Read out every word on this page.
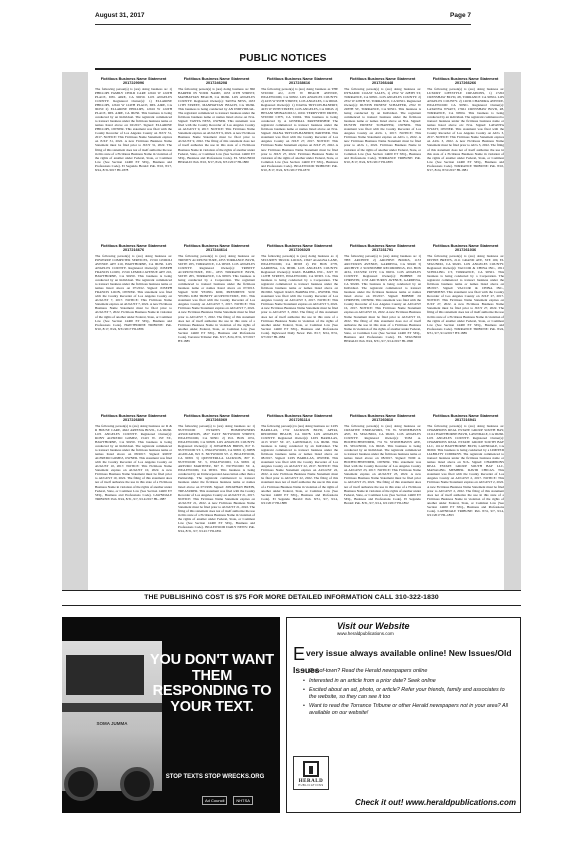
August 31, 2017	Page 7
PUBLIC NOTICES
Fictitious Business Name Statement
2017229096
The following person(s) is (are) doing business as: 1) PHILLIPS FAMILY CHILD CARE 12616 W 124TH PLACE, DEL AIRE, CA 90250. LOS ANGELES COUNTY. Registered Owner(s): 1) ELLARINE PHILLIPS, 12616 W 124TH PLACE, DEL AIRE, CA 90250 2) ELLARINE PHILLIPS, 12616 W 124TH PLACE, DEL AIRE, CA 90250. This business is being conducted by an Individual. The registrant commenced to transact business under the fictitious business name or names listed above on 02/2017. Signed: ELLARINE PHILLIPS, OWNER. This statement was filed with the County Recorder of Los Angeles County on JULY 31, 2017. NOTICE: This Fictitious Name Statement expires on JULY 31, 2022. A new Fictitious Business Name Statement must be filed prior to JULY 31, 2022. The filing of this statement does not of itself authorize the use in this state of a Fictitious Business Name in violation of the rights of another under Federal, State, or Common Law (See Section 14400 ET SEQ., Business and Professions Code). El Segundo Herald: Pub. 8/10, 8/17, 8/24, 8/31/2017 HI-1878
Fictitious Business Name Statement
2017246208
The following person(s) is (are) doing business as: 860 HARPER IN YOUR NAME, 1633 11TH STREET, MANHATTAN BEACH, CA 90266. LOS ANGELES COUNTY. Registered Owner(s): TANYA NESS, 1633 11TH STREET, MANHATTAN BEACH, CA 90266. This business is being conducted by AN INDIVIDUAL. The registrant commenced to transact business under the fictitious business name or names listed above on N/A. Signed: TANYA NESS, OWNER. This statement was filed with the County Recorder of Los Angeles County on AUGUST 9, 2017. NOTICE: This Fictitious Name Statement expires on AUGUST 9, 2022. A new Fictitious Business Name Statement must be filed prior to AUGUST 9, 2022. The filing of this statement does not of itself authorize the use in this state of a Fictitious Business Name in violation of the rights of another under Federal, State, or Common Law (See Section 14400 ET SEQ., Business and Professions Code). EL SEGUNDO HERALD: Pub. 8/10, 8/17, 8/24, 8/31/2017 HI-1880
Fictitious Business Name Statement
2017238616
The following person(s) is (are) doing business as THE STUDIO AU, 2170 W BEACH AVENUE, INGLEWOOD, CA 90302. LOS ANGELES COUNTY. 2) 4233 W 95TH STREET, LOS ANGELES, CA 90043. Registered Owner(s): 1) JOANA TRYCON-BANERIT, 4233 W 95TH STREET, LOS ANGELES, CA 90043. 2) HESANI SHINAZOULU, 16911 TERRYVIEW DRIVE, STUDIO CITY, CA 91604. This business is being conducted by A GENERAL PARTNERSHIP. The registrant commenced to transact business under the fictitious business name or names listed above on N/A. Signed: JOANA TRYCON-BANERIT, PARTNER. This statement was filed with the County Recorder of Los Angeles County on JULY 27, 2017. NOTICE: This Fictitious Name Statement expires on JULY 27, 2022. A new Fictitious Business Name Statement must be filed prior to JULY 27, 2022. Fictitious Business Name in violation of the rights of another under Federal, State, or Common Law (See Section 14400 ET SEQ., Business and Professions Code). INGLEWOOD TRIBUNE: Pub. 8/10, 8/17, 8/24, 8/31/2017 HI-1879
Fictitious Business Name Statement
2017266448
The following person(s) is (are) doing business as: DYNAMIC COAST SALES, 1) 2352 W 228TH ST, TORRANCE, CA 90501. LOS ANGELES COUNTY. 2) 2352 W 228TH ST, TORRANCE, CA 90501. Registered Owner(s): DUSTIN ERNEST SCHAEFER, 2352 W 228TH ST, TORRANCE, CA 90501. This business is being conducted by an Individual. The registrant commenced to transact business under the fictitious business name or names listed above on N/A. Signed: DUSTIN ERNEST SCHAEFER, OWNER. This statement was filed with the County Recorder of Los Angeles County on AUG 1, 2017. NOTICE: This Fictitious Name Statement expires on AUG 1, 2022. A new Fictitious Business Name Statement must be filed prior to AUG 1, 2022. Fictitious Business Name in violation of the rights of another under Federal, State, or Common Law (See Section 14400 ET SEQ., Business and Professions Code). TORRANCE TRIBUNE: Pub. 8/10, 8/17, 8/24, 8/31/2017 HI-1883
Fictitious Business Name Statement
2017266266
The following person(s) is (are) doing business as: LUXURY LIFESTYLE CREATIONS, 1) 17202 CRENSHAW BLVD, #8, TORRANCE CA 90504. LOS ANGELES COUNTY. 2) 12636 CHANDRA AVENUE, INGLEWOOD CA 90301. Registered Owner(s): LATANYA WYATT, 17661 CRENSHAW BLVD, #8, TORRANCE, CA 90504. This business is being conducted by an individual. The registrant commenced to transact business under the fictitious business name or names listed above on: N/A. Signed: LATANYA WYATT, OWNER. This statement was filed with the County Recorder of Los Angeles County on AUG 3, 2017. NOTICE: This Fictitious Name Statement expires on AUG 3, 2022. A new Fictitious Business Name Statement must be filed prior to AUG 3, 2022. The filing of this statement does not of itself authorize the use in this state of a Fictitious Business Name in violation of the rights of another under Federal, State, or Common Law (See Section 14400 ET SEQ., Business and Professions Code). TORRANCE TRIBUNE: Pub. 8/10, 8/17, 8/24, 8/31/2017 HI-1881
Fictitious Business Name Statement
2017216676
The following person(s) is (are) doing business as: POWERUP COMPUTER SERVICES, 15316 LEMOLI AVENUE APT 210, HAWTHORNE, CA 90250. LOS ANGELES COUNTY. Registered Owner(s): JOSEPH FRANCIS LOON, 15316 LEMOLI AVENUE APT 210, HAWTHORNE, CA 90250. This business is being conducted by an Individual. The registrant commenced to transact business under the fictitious business name or names listed above on 07/2012. Signed: JOSEPH FRANCIS LOON, OWNER. This statement was filed with the County Recorder of Los Angeles County on AUGUST 7, 2017. NOTICE: This Fictitious Name Statement expires on AUGUST 7, 2022. A new Fictitious Business Name Statement must be filed prior to AUGUST 7, 2022. Fictitious Business Name in violation of the rights of another under Federal, State, or Common Law (See Section 14400 ET SEQ., Business and Professions Code). HAWTHORNE TRIBUNE: Pub. 8/10, 8/17, 8/24, 8/31/2017 HI-1886
Fictitious Business Name Statement
2017244614
The following person(s) is (are) doing business as: TRINITY ACUPUNCTURE, 4355 TORRANCE BLVD, SUITE 205, TORRANCE, CA 90503. LOS ANGELES COUNTY. Registered Owner(s): TRINITY ACUPUNCTURE, INC., 4355 TORRANCE BLVD, SUITE 205, TORRANCE, CA 90503. This business is being conducted by a Corporation. The registrant commenced to transact business under the fictitious business name or names listed above on 07/2013. Signed: SOU YEONG KIM, PRESIDENT. SOU YEONG KIM TRINITY ACUPUNCTURE, INC. This statement was filed with the County Recorder of Los Angeles County on AUGUST 7, 2017. NOTICE: This Fictitious Name Statement expires on AUGUST 7, 2022. A new Fictitious Business Name Statement must be filed prior to AUGUST 7, 2022. The filing of this statement does not of itself authorize the use in this state of a Fictitious Business Name in violation of the rights of another under Federal, State, or Common Law (See Section 14400 ET SEQ., Business and Professions Code). Torrance Tribune: Pub. 8/17, 8/24, 8/31, 9/7/2017 HT-1885
Fictitious Business Name Statement
2017206025
The following person(s) is (are) doing business as 1) SECURITY TRUCK LOCKS, 13627 AGAGNA LANE, INGLEWOOD, CA 90303 2) PO BOX 2770, GARDENA, CA 90306. LOS ANGELES COUNTY. Registered Owner(s): RAUL BARBIA INC., 3227 W 112TH STREET, INGLEWOOD, CA 90303. CA. This business is being conducted by a Corporation. The registrant commenced to transact business under the fictitious business name or names listed above on 09/2002. Signed: RAUL BARBIA INC., OWNER. This statement was filed with the County Recorder of Los Angeles County on AUGUST 3, 2017. NOTICE: This Fictitious Name Statement expires on AUGUST 3, 2022. A new Fictitious Business Name Statement must be filed prior to AUGUST 3, 2022. The filing of this statement does not of itself authorize the use in this state of a Fictitious Business Name in violation of the rights of another under Federal, State, or Common Law (See Section 14400 ET SEQ., Business and Professions Code). Inglewood Daily News: Pub. 8/17, 8/24, 8/31, 9/7/2017 HI-1884
Fictitious Business Name Statement
2017231791
The following person(s) is (are) doing business as: 1) THE ARCHIVE 2) ARCHIVE BOOKS, 1133 ARCTURUS AVENUE, GARDENA, CA 90249 3) ARCHIVE 2 SOUNDSHIP RECORDINGS, P.O. BOX 4234, CULVER CITY, CA 90231. LOS ANGELES COUNTY. Registered Owner(s): BOBBIE JO CHRISTIN, 1133 ARCTURUS AVENUE, GARDENA, CA 90249. This business is being conducted by an Individual. The registrant commenced to transact business under the fictitious business name or names listed above on 05/2017. Signed: BOBBIE JO CHRISTIN, OWNER. This statement was filed with the County Recorder of Los Angeles County on AUGUST 16, 2017. NOTICE: This Fictitious Name Statement expires on AUGUST 16, 2022. A new Fictitious Business Name Statement must be filed prior to AUGUST 16, 2022. The filing of this statement does not of itself authorize the use in this state of a Fictitious Business Name in violation of the rights of another under Federal, State, or Common Law (See Section 14400 ET SEQ., Business and Professions Code). EL SEGUNDO HERALD: Pub. 8/24, 8/31, 9/7, 9/14/2017 HI-1890
Fictitious Business Name Statement
2017261036
The following person(s) is (are) doing business as: DIVINE BREWS, 2111 GRAND AVE, STE 100, EL SEGUNDO, CA 90245. LOS ANGELES COUNTY. Registered Owner(s): VACCOR & CHINA INC., 1811 SCHILLING CT, TORRANCE, CA 90501. This business is being conducted by a Corporation. The registrant commenced to transact business under the fictitious business name or names listed above on 08/2017. Signed: VACCOR & CHINA INC., PRESIDENT. This statement was filed with the County Recorder of Los Angeles County on JULY 27, 2017. NOTICE: This Fictitious Name Statement expires on JULY 27, 2022. A new Fictitious Business Name Statement must be filed prior to JULY 27, 2022. The filing of this statement does not of itself authorize the use in this state of a Fictitious Business Name in violation of the rights of another under Federal, State, or Common Law (See Section 14400 ET SEQ., Business and Professions Code). TORRANCE TRIBUNE: Pub. 8/24, 8/31, 9/7, 9/14/2017 HT-1889
Fictitious Business Name Statement
2017226805
The following person(s) is (are) doing business as: R & R HOUSE CARE, 4622 ARTESIA BLVD., CA 90260. LOS ANGELES COUNTY. Registered Owner(s): RONY ALFREDO GOMEZ, 15415 W. 1ST ST., HAWTHORNE, CA 90250. This business is being conducted by an Individual. The registrant commenced to transact business under the fictitious business name or names listed above on 08/2017. Signed: RONY ALFREDO GOMEZ, OWNER. This statement was filed with the County Recorder of Los Angeles County on AUGUST 10, 2017. NOTICE: This Fictitious Name Statement expires on AUGUST 10, 2022. A new Fictitious Business Name Statement must be filed prior to AUGUST 10, 2022. The filing of this statement does not of itself authorize the use in this state of a Fictitious Business Name in violation of the rights of another under Federal, State, or Common Law (See Section 14400 ET SEQ., Business and Professions Code). LAWNDALE TRIBUNE: Pub. 8/24, 8/31, 9/7, 9/14/2017 HL-1887
Fictitious Business Name Statement
2017266069
The following person(s) is (are) doing business as: 1) NUTWOOD ESTATES HOMEOWNERS ASSOCIATION, 4817 EAST NUTWOOD STREET, INGLEWOOD, CA 90301 2) P.O. BOX 1031, INGLEWOOD, CA 90308. LOS ANGELES COUNTY. Registered Owner(s): 1) JONATHAN BREIN, 817 E. NUTWOOD ST. 1, INGLEWOOD, CA 90301 2) JOHN AGUILAR, 821 E. NUTWOOD ST. 2, INGLEWOOD, CA 90301 3) QUENTERLLA JACKSON, 807 E. NUTWOOD ST. 3, INGLEWOOD, CA 90301 4) ARTURO MARTINEZ, 827 E. NUTWOOD ST. 4, INGLEWOOD, CA 90301. This business is being conducted by an Unincorporated Association other than a Partnership. The registrant commenced to transact business under the fictitious business name or names listed above on 07/1998. Signed: JONATHAN BREIN, TREASURER. This statement was filed with the County Recorder of Los Angeles County on AUGUST 21, 2017. NOTICE: This Fictitious Name Statement expires on AUGUST 21, 2022. A new Fictitious Business Name Statement must be filed prior to AUGUST 21, 2022. The filing of this statement does not of itself authorize the use in this state of a Fictitious Business Name in violation of the rights of another under Federal, State, or Common Law (See Section 14400 ET SEQ., Business and Professions Code). INGLEWOOD DAILY NEWS: Pub. 8/24, 8/31, 9/7, 9/14/17 HI-1891
Fictitious Business Name Statement
2017251114
The following person(s) is (are) doing business as: LUIS BARILLAS, 1732 JACKSON BLVD, APT#4, REDONDO BEACH, CA 90278. LOS ANGELES COUNTY. Registered Owner(s): LUIS BARILLAS, 4113 W107 ST. #7, LAWNDALE, CA 90260. This business is being conducted by an Individual. The registrant commenced to transact business under the fictitious business name or names listed above on 08/2017. Signed: LUIS BARILLAS, OWNER. This statement was filed with the County Recorder of Los Angeles County on AUGUST 22, 2017. NOTICE: This Fictitious Name Statement expires on AUGUST 22, 2022. A new Fictitious Business Name Statement must be filed prior to AUGUST 22, 2022. The filing of this statement does not of itself authorize the use in this state of a Fictitious Business Name in violation of the rights of another under Federal, State, or Common Law (See Section 14400 ET SEQ., Business and Professions Code). El Segundo Herald: Pub. 8/31, 9/7, 9/14, 9/21/2017 HI-1888
Fictitious Business Name Statement
2017260810
The following person(s) is (are) doing business as: CREATIVE ENDEAVORS, 731 W. STONEHAVEN AVE, EL SEGUNDO, CA 90245. LOS ANGELES COUNTY. Registered Owner(s): TOM A. HOCHSCHWENDER, 731 W. STONEHAVEN AVE, EL SEGUNDO, CA 90245. This business is being conducted by an Individual. The registrant commenced to transact business under the fictitious business name or names listed above on 08/2017. Signed: TOM A. HOCHSCHWENDER, OWNER. This statement was filed with the County Recorder of Los Angeles County on AUGUST 23, 2017. NOTICE: This Fictitious Name Statement expires on AUGUST 23, 2022. A new Fictitious Business Name Statement must be filed prior to AUGUST 23, 2022. The filing of this statement does not of itself authorize the use in this state of a Fictitious Business Name in violation of the rights of another under Federal, State, or Common Law (See Section 14400 ET SEQ., Business and Professions Code). El Segundo Herald: Pub. 8/31, 9/7, 9/14, 9/21/2017 HI-1892
Fictitious Business Name Statement
2017216941
The following person(s) is (are) doing business as: CHAMPIONS REAL ESTATE GROUP SOUTH BAY, 16112 HAWTHORNE BLVD, LAWNDALE, CA 90260. LOS ANGELES COUNTY. Registered Owner(s): CHAMPIONS REAL ESTATE GROUP SOUTH BAY LLC, 16112 HAWTHORNE BLVD, LAWNDALE, CA 90260. This business is being conducted by a LIMITED LIABILITY COMPANY. The registrant commenced to transact business under the fictitious business name or names listed above on N/A. Signed: CHAMPIONS REAL ESTATE GROUP SOUTH BAY LLC, MANAGING MEMBER. DAVID CHICAS. This statement was filed with the County Recorder of Los Angeles County on AUGUST 2, 2017. NOTICE: This Fictitious Name Statement expires on AUGUST 2, 2022. A new Fictitious Business Name Statement must be filed prior to AUGUST 2, 2022. The filing of this statement does not of itself authorize the use in this state of a Fictitious Business Name in violation of the rights of another under Federal, State, or Common Law (See Section 14400 ET SEQ., Business and Professions Code). LAWNDALE TRIBUNE: Pub. 8/31, 9/7, 9/14, 9/21/2017 HL-1893
THE PUBLISHING COST IS $75 FOR MORE DETAILED INFORMATION CALL 310-322-1830
SOMA JUMMA
YOU DON'T WANT THEM RESPONDING TO YOUR TEXT.
STOP TEXTS STOP WRECKS.ORG
Ad Council	NHTSA
Visit our Website
www.heraldpublications.com
Every issue always available online! New Issues/Old Issues
• Out-of-town? Read the Herald newspapers online
• Interested in an article from a prior date? Seek online
• Excited about an ad, photo, or article? Refer your friends, family and associates to the website, so they can see it too
• Want to read the Torrance Tribune or other Herald newspapers not in your area? All available on our website!
HERALD
PUBLICATIONS
Check it out! www.heraldpublications.com
